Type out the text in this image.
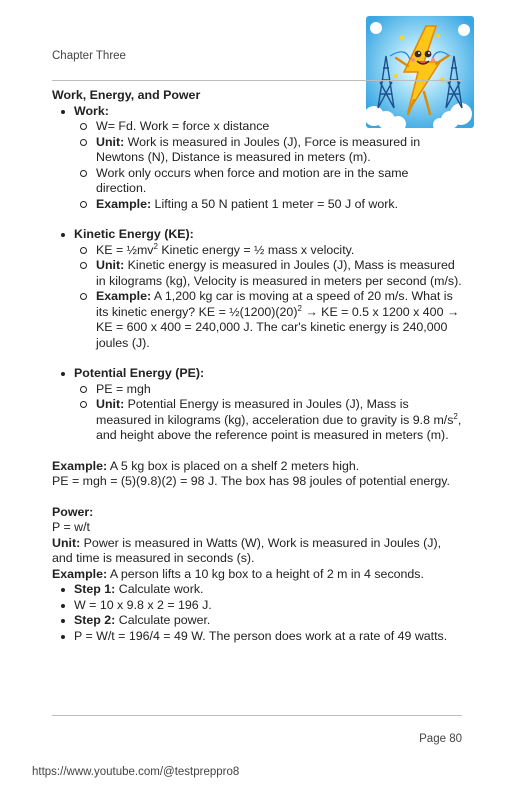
Chapter Three

Work, Energy, and Power

Work:
W= Fd. Work = force x distance
Unit: Work is measured in Joules (J), Force is measured in Newtons (N), Distance is measured in meters (m).
Work only occurs when force and motion are in the same direction.
Example: Lifting a 50 N patient 1 meter = 50 J of work.
Kinetic Energy (KE):
KE = $\frac{1}{2}mv^2$ Kinetic energy = ½ mass x velocity.
Unit: Kinetic energy is measured in Joules (J), Mass is measured in kilograms (kg), Velocity is measured in meters per second (m/s).
Example: A 1,200 kg car is moving at a speed of 20 m/s. What is its kinetic energy? KE = $\frac{1}{2}(1200)(20)^2$ → KE = 0.5 x 1200 x 400 → KE = 600 x 400 = 240,000 J. The car's kinetic energy is 240,000 joules (J).
Potential Energy (PE):
PE = mgh
Unit: Potential Energy is measured in Joules (J), Mass is measured in kilograms (kg), acceleration due to gravity is 9.8 $m/s^2$, and height above the reference point is measured in meters (m).
Example: A 5 kg box is placed on a shelf 2 meters high.
PE = mgh = (5)(9.8)(2) = 98 J. The box has 98 joules of potential energy.
Power:
P = w/t
Unit: Power is measured in Watts (W), Work is measured in Joules (J), and time is measured in seconds (s).
Example: A person lifts a 10 kg box to a height of 2 m in 4 seconds.
Step 1: Calculate work.
W = 10 x 9.8 x 2 = 196 J.
Step 2: Calculate power.
P = W/t = 196/4 = 49 W. The person does work at a rate of 49 watts.
Page 80
https://www.youtube.com/@testpreppro8
